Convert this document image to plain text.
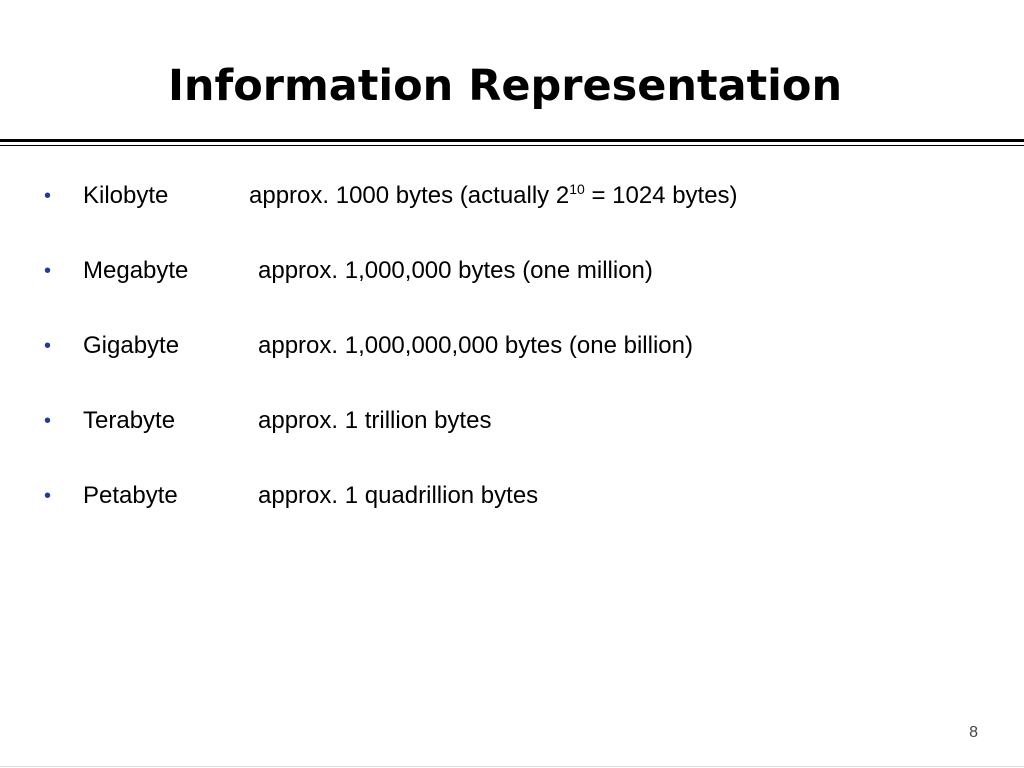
Information Representation
• Kilobyte	approx. 1000 bytes (actually $2^{10} = 1024$ bytes)
• Megabyte	approx. 1,000,000 bytes (one million)
• Gigabyte	approx. 1,000,000,000 bytes (one billion)
• Terabyte	approx. 1 trillion bytes
• Petabyte	approx. 1 quadrillion bytes
8
